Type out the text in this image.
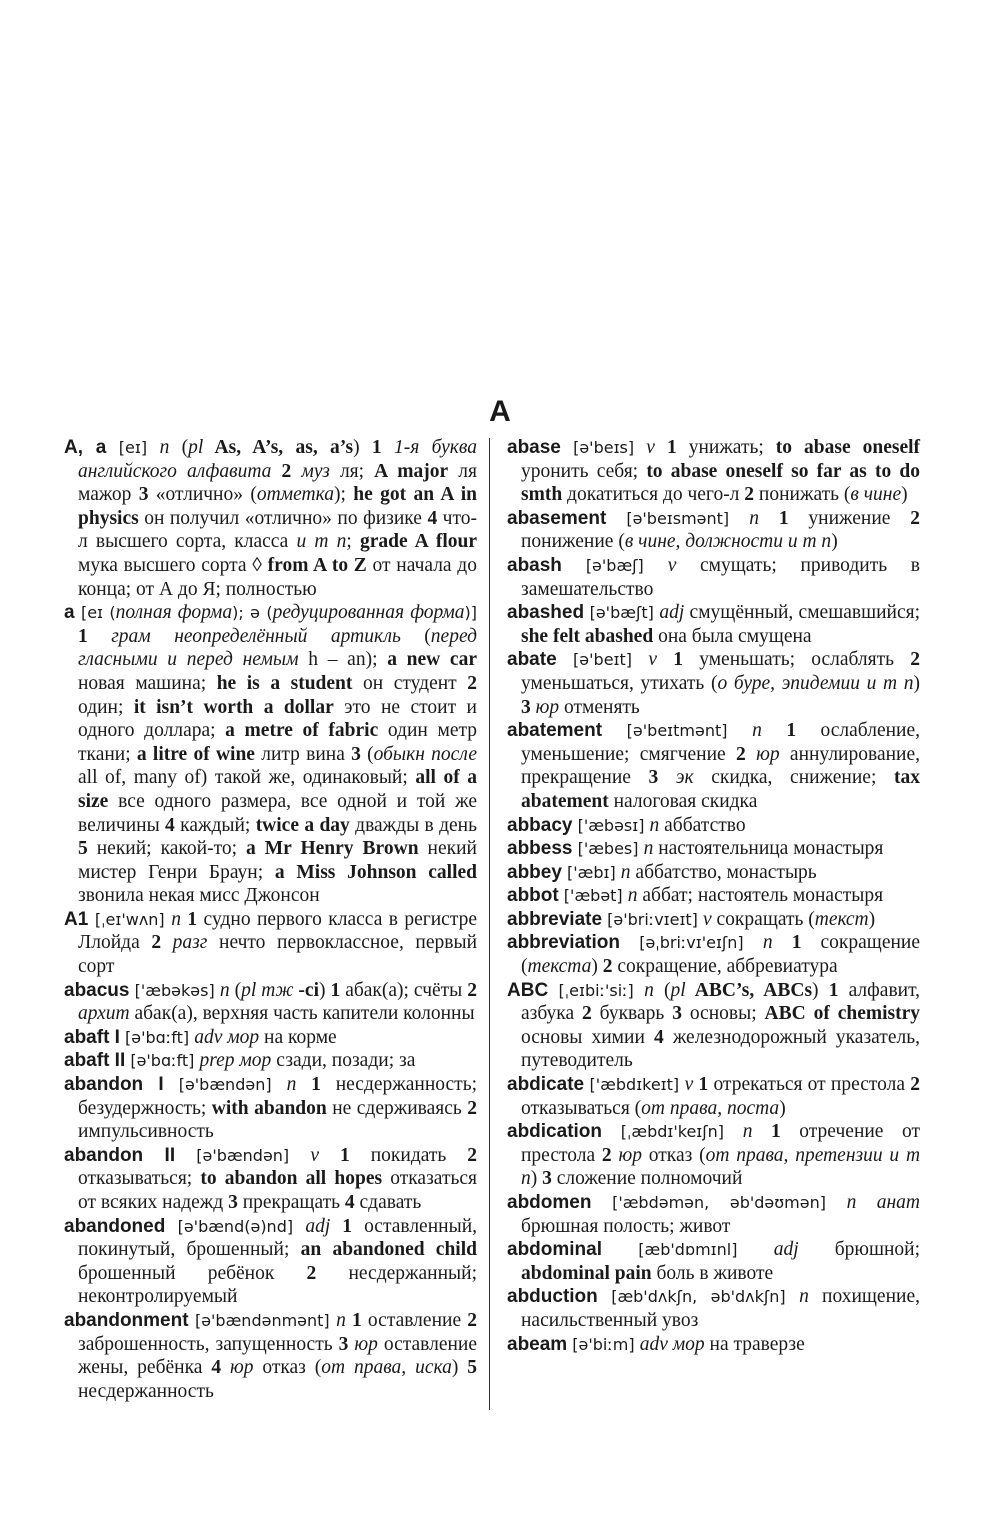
A

A, a [eɪ] n (pl As, A’s, as, a’s) 1 1-я буква английского алфавита 2 муз ля; A major ля мажор 3 «отлично» (отметка); he got an A in physics он получил «отлично» по физике 4 что-л высшего сорта, класса и т п; grade A flour мука высшего сорта ◊ from A to Z от начала до конца; от А до Я; полностью

a [eɪ (полная форма); ə (редуцированная форма)] 1 грам неопределённый артикль (перед гласными и перед немым h – an); a new car новая машина; he is a student он студент 2 один; it isn’t worth a dollar это не стоит и одного доллара; a metre of fabric один метр ткани; a litre of wine литр вина 3 (обыкн после all of, many of) такой же, одинаковый; all of a size все одного размера, все одной и той же величины 4 каждый; twice a day дважды в день 5 некий; какой-то; a Mr Henry Brown некий мистер Генри Браун; a Miss Johnson called звонила некая мисс Джонсон

A1 [ˌeɪ'wʌn] n 1 судно первого класса в регистре Ллойда 2 разг нечто первоклассное, первый сорт

abacus ['æbəkəs] n (pl тж -ci) 1 абак(а); счёты 2 архит абак(а), верхняя часть капители колонны

abaft I [ə'bɑːft] adv мор на корме

abaft II [ə'bɑːft] prep мор сзади, позади; за

abandon I [ə'bændən] n 1 несдержанность; безудержность; with abandon не сдерживаясь 2 импульсивность

abandon II [ə'bændən] v 1 покидать 2 отказываться; to abandon all hopes отказаться от всяких надежд 3 прекращать 4 сдавать

abandoned [ə'bænd(ə)nd] adj 1 оставленный, покинутый, брошенный; an abandoned child брошенный ребёнок 2 несдержанный; неконтролируемый

abandonment [ə'bændənmənt] n 1 оставление 2 заброшенность, запущенность 3 юр оставление жены, ребёнка 4 юр отказ (от права, иска) 5 несдержанность

abase [ə'beɪs] v 1 унижать; to abase oneself уронить себя; to abase oneself so far as to do smth докатиться до чего-л 2 понижать (в чине)

abasement [ə'beɪsmənt] n 1 унижение 2 понижение (в чине, должности и т п)

abash [ə'bæʃ] v смущать; приводить в замешательство

abashed [ə'bæʃt] adj смущённый, смешавшийся; she felt abashed она была смущена

abate [ə'beɪt] v 1 уменьшать; ослаблять 2 уменьшаться, утихать (о буре, эпидемии и т п) 3 юр отменять

abatement [ə'beɪtmənt] n 1 ослабление, уменьшение; смягчение 2 юр аннулирование, прекращение 3 эк скидка, снижение; tax abatement налоговая скидка

abbacy ['æbəsɪ] n аббатство

abbess ['æbes] n настоятельница монастыря

abbey ['æbɪ] n аббатство, монастырь

abbot ['æbət] n аббат; настоятель монастыря

abbreviate [ə'briːvɪeɪt] v сокращать (текст)

abbreviation [əˌbriːvɪ'eɪʃn] n 1 сокращение (текста) 2 сокращение, аббревиатура

ABC [ˌeɪbiː'siː] n (pl ABC’s, ABCs) 1 алфавит, азбука 2 букварь 3 основы; ABC of chemistry основы химии 4 железнодорожный указатель, путеводитель

abdicate ['æbdɪkeɪt] v 1 отрекаться от престола 2 отказываться (от права, поста)

abdication [ˌæbdɪ'keɪʃn] n 1 отречение от престола 2 юр отказ (от права, претензии и т п) 3 сложение полномочий

abdomen ['æbdəmən, əb'dəʊmən] n анат брюшная полость; живот

abdominal [æb'dɒmɪnl] adj брюшной; abdominal pain боль в животе

abduction [æb'dʌkʃn, əb'dʌkʃn] n похищение, насильственный увоз

abeam [ə'biːm] adv мор на траверзе
